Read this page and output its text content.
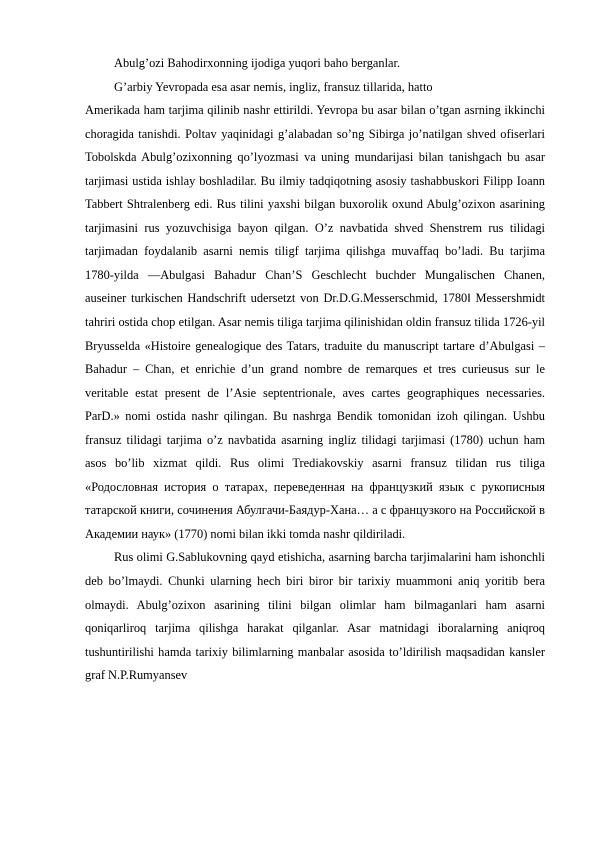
Abulg’ozi Bahodirxonning ijodiga yuqori baho berganlar.

G’arbiy Yevropada esa asar nemis, ingliz, fransuz tillarida, hatto

Amerikada ham tarjima qilinib nashr ettirildi. Yevropa bu asar bilan o’tgan asrning ikkinchi choragida tanishdi. Poltav yaqinidagi g’alabadan so’ng Sibirga jo’natilgan shved ofiserlari Tobolskda Abulg’ozixonning qo’lyozmasi va uning mundarijasi bilan tanishgach bu asar tarjimasi ustida ishlay boshladilar. Bu ilmiy tadqiqotning asosiy tashabbuskori Filipp Ioann Tabbert Shtralenberg edi. Rus tilini yaxshi bilgan buxorolik oxund Abulg’ozixon asarining tarjimasini rus yozuvchisiga bayon qilgan. O’z navbatida shved Shenstrem rus tilidagi tarjimadan foydalanib asarni nemis tiligf tarjima qilishga muvaffaq bo’ladi. Bu tarjima 1780-yilda ―Abulgasi Bahadur Chan’S Geschlecht buchder Mungalischen Chanen, auseiner turkischen Handschrift udersetzt von Dr.D.G.Messerschmid, 1780‖ Messershmidt tahriri ostida chop etilgan. Asar nemis tiliga tarjima qilinishidan oldin fransuz tilida 1726-yil Bryusselda «Histoire genealogique des Tatars, traduite du manuscript tartare d’Abulgasi – Bahadur – Chan, et enrichie d’un grand nombre de remarques et tres curieusus sur le veritable estat present de l’Asie septentrionale, aves cartes geographiques necessaries. ParD.» nomi ostida nashr qilingan. Bu nashrga Bendik tomonidan izoh qilingan. Ushbu fransuz tilidagi tarjima o’z navbatida asarning ingliz tilidagi tarjimasi (1780) uchun ham asos bo’lib xizmat qildi. Rus olimi Trediakovskiy asarni fransuz tilidan rus tiliga «Родословная история о татарах, переведенная на французкий язык с рукописныя татарской книги, сочинения Абулгачи-Баядур-Хана… а с французкого на Российской в Академии наук» (1770) nomi bilan ikki tomda nashr qildiriladi.

Rus olimi G.Sablukovning qayd etishicha, asarning barcha tarjimalarini ham ishonchli deb bo’lmaydi. Chunki ularning hech biri biror bir tarixiy muammoni aniq yoritib bera olmaydi. Abulg’ozixon asarining tilini bilgan olimlar ham bilmaganlari ham asarni qoniqarliroq tarjima qilishga harakat qilganlar. Asar matnidagi iboralarning aniqroq tushuntirilishi hamda tarixiy bilimlarning manbalar asosida to’ldirilish maqsadidan kansler graf N.P.Rumyansev
